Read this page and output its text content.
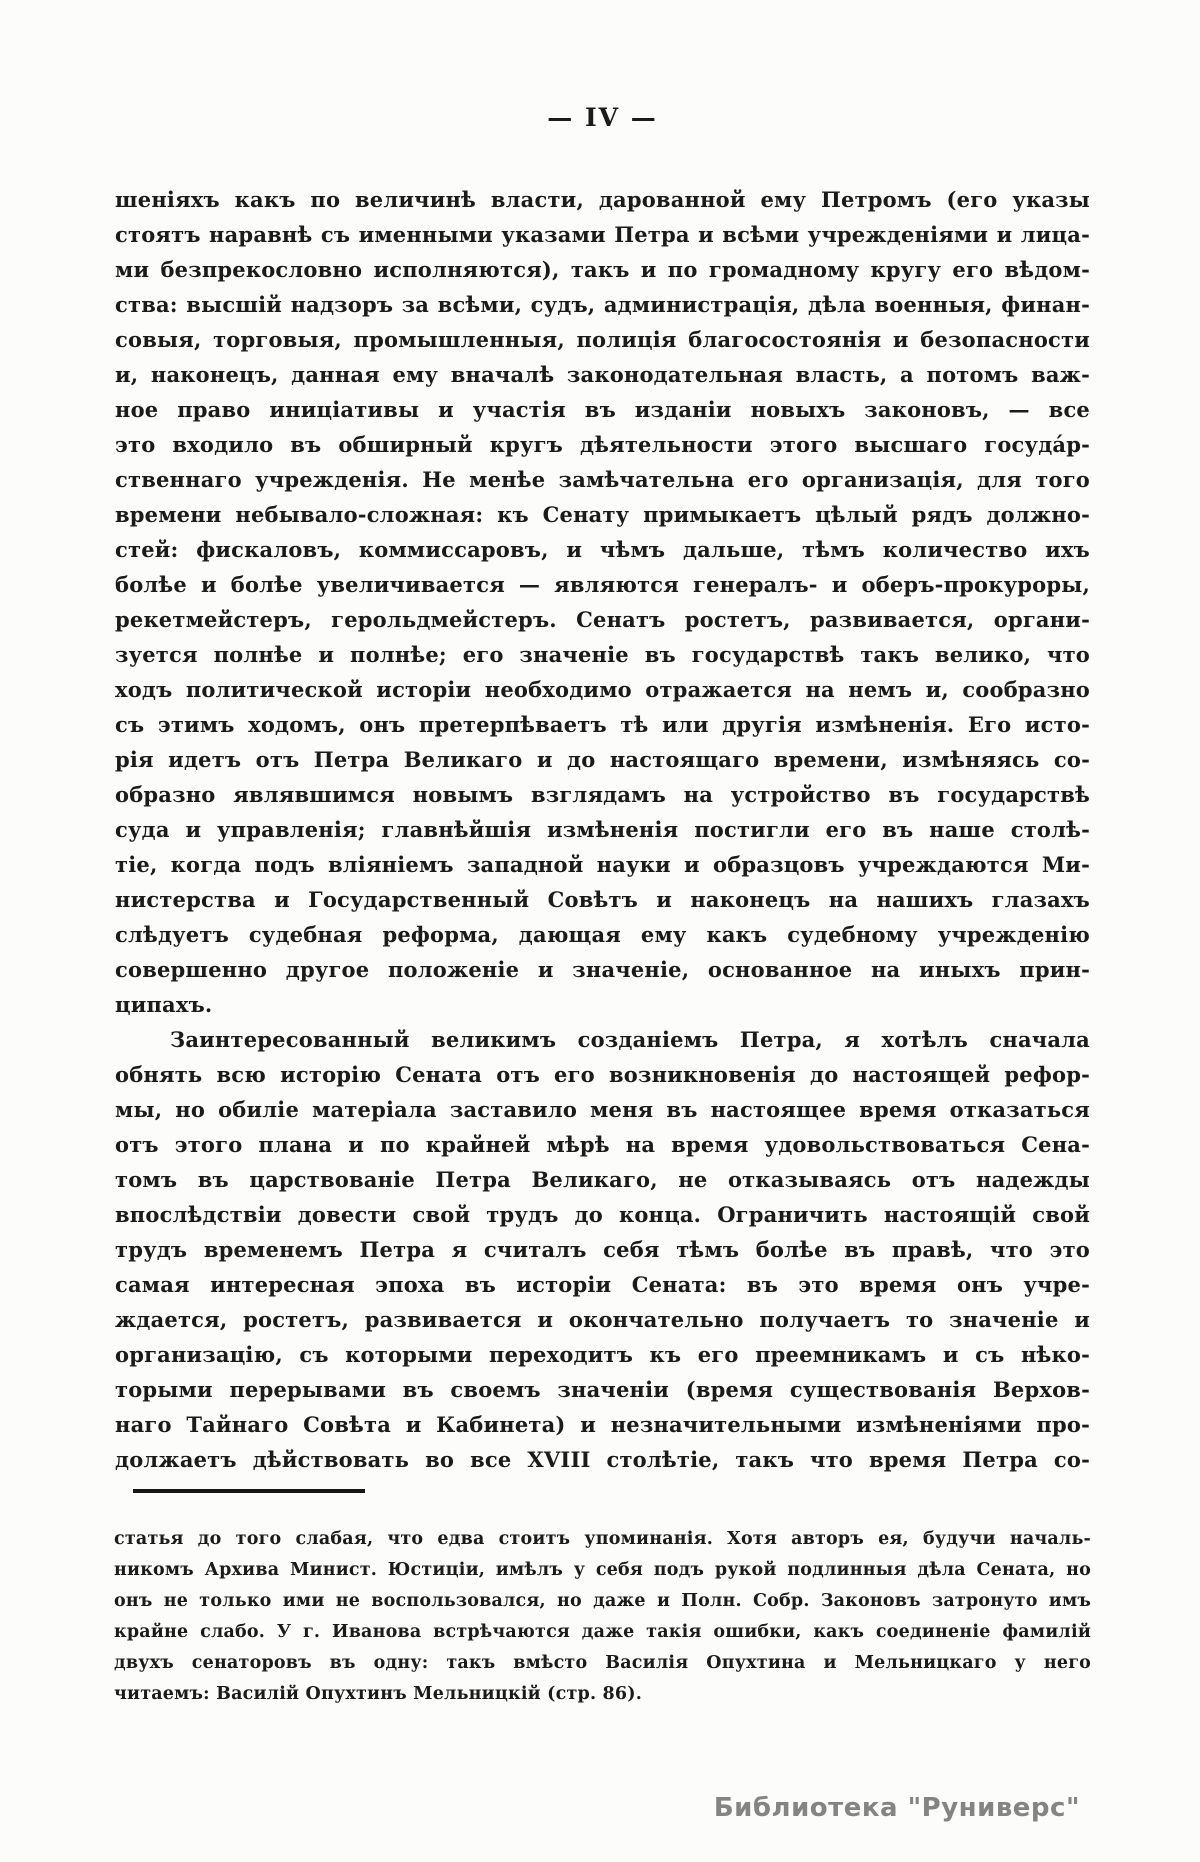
— IV —
шеніяхъ какъ по величинѣ власти, дарованной ему Петромъ (его указы
стоятъ наравнѣ съ именными указами Петра и всѣми учрежденіями и лица-
ми безпрекословно исполняются), такъ и по громадному кругу его вѣдом-
ства: высшій надзоръ за всѣми, судъ, администрація, дѣла военныя, финан-
совыя, торговыя, промышленныя, полиція благосостоянія и безопасности
и, наконецъ, данная ему вначалѣ законодательная власть, а потомъ важ-
ное право иниціативы и участія въ изданіи новыхъ законовъ, — все
это входило въ обширный кругъ дѣятельности этого высшаго госуда́р-
ственнаго учрежденія. Не менѣе замѣчательна его организація, для того
времени небывало-сложная: къ Сенату примыкаетъ цѣлый рядъ должно-
стей: фискаловъ, коммиссаровъ, и чѣмъ дальше, тѣмъ количество ихъ
болѣе и болѣе увеличивается — являются генералъ- и оберъ-прокуроры,
рекетмейстеръ, герольдмейстеръ. Сенатъ ростетъ, развивается, органи-
зуется полнѣе и полнѣе; его значеніе въ государствѣ такъ велико, что
ходъ политической исторіи необходимо отражается на немъ и, сообразно
съ этимъ ходомъ, онъ претерпѣваетъ тѣ или другія измѣненія. Его исто-
рія идетъ отъ Петра Великаго и до настоящаго времени, измѣняясь со-
образно являвшимся новымъ взглядамъ на устройство въ государствѣ
суда и управленія; главнѣйшія измѣненія постигли его въ наше столѣ-
тіе, когда подъ вліяніемъ западной науки и образцовъ учреждаются Ми-
нистерства и Государственный Совѣтъ и наконецъ на нашихъ глазахъ
слѣдуетъ судебная реформа, дающая ему какъ судебному учрежденію
совершенно другое положеніе и значеніе, основанное на иныхъ прин-
ципахъ.
Заинтересованный великимъ созданіемъ Петра, я хотѣлъ сначала
обнять всю исторію Сената отъ его возникновенія до настоящей рефор-
мы, но обиліе матеріала заставило меня въ настоящее время отказаться
отъ этого плана и по крайней мѣрѣ на время удовольствоваться Сена-
томъ въ царствованіе Петра Великаго, не отказываясь отъ надежды
впослѣдствіи довести свой трудъ до конца. Ограничить настоящій свой
трудъ временемъ Петра я считалъ себя тѣмъ болѣе въ правѣ, что это
самая интересная эпоха въ исторіи Сената: въ это время онъ учре-
ждается, ростетъ, развивается и окончательно получаетъ то значеніе и
организацію, съ которыми переходитъ къ его преемникамъ и съ нѣко-
торыми перерывами въ своемъ значеніи (время существованія Верхов-
наго Тайнаго Совѣта и Кабинета) и незначительными измѣненіями про-
должаетъ дѣйствовать во все XVIII столѣтіе, такъ что время Петра со-
статья до того слабая, что едва стоитъ упоминанія. Хотя авторъ ея, будучи началь-
никомъ Архива Минист. Юстиціи, имѣлъ у себя подъ рукой подлинныя дѣла Сената, но
онъ не только ими не воспользовался, но даже и Полн. Собр. Законовъ затронуто имъ
крайне слабо. У г. Иванова встрѣчаются даже такія ошибки, какъ соединеніе фамилій
двухъ сенаторовъ въ одну: такъ вмѣсто Василія Опухтина и Мельницкаго у него
читаемъ: Василій Опухтинъ Мельницкій (стр. 86).
Библиотека "Руниверс"
